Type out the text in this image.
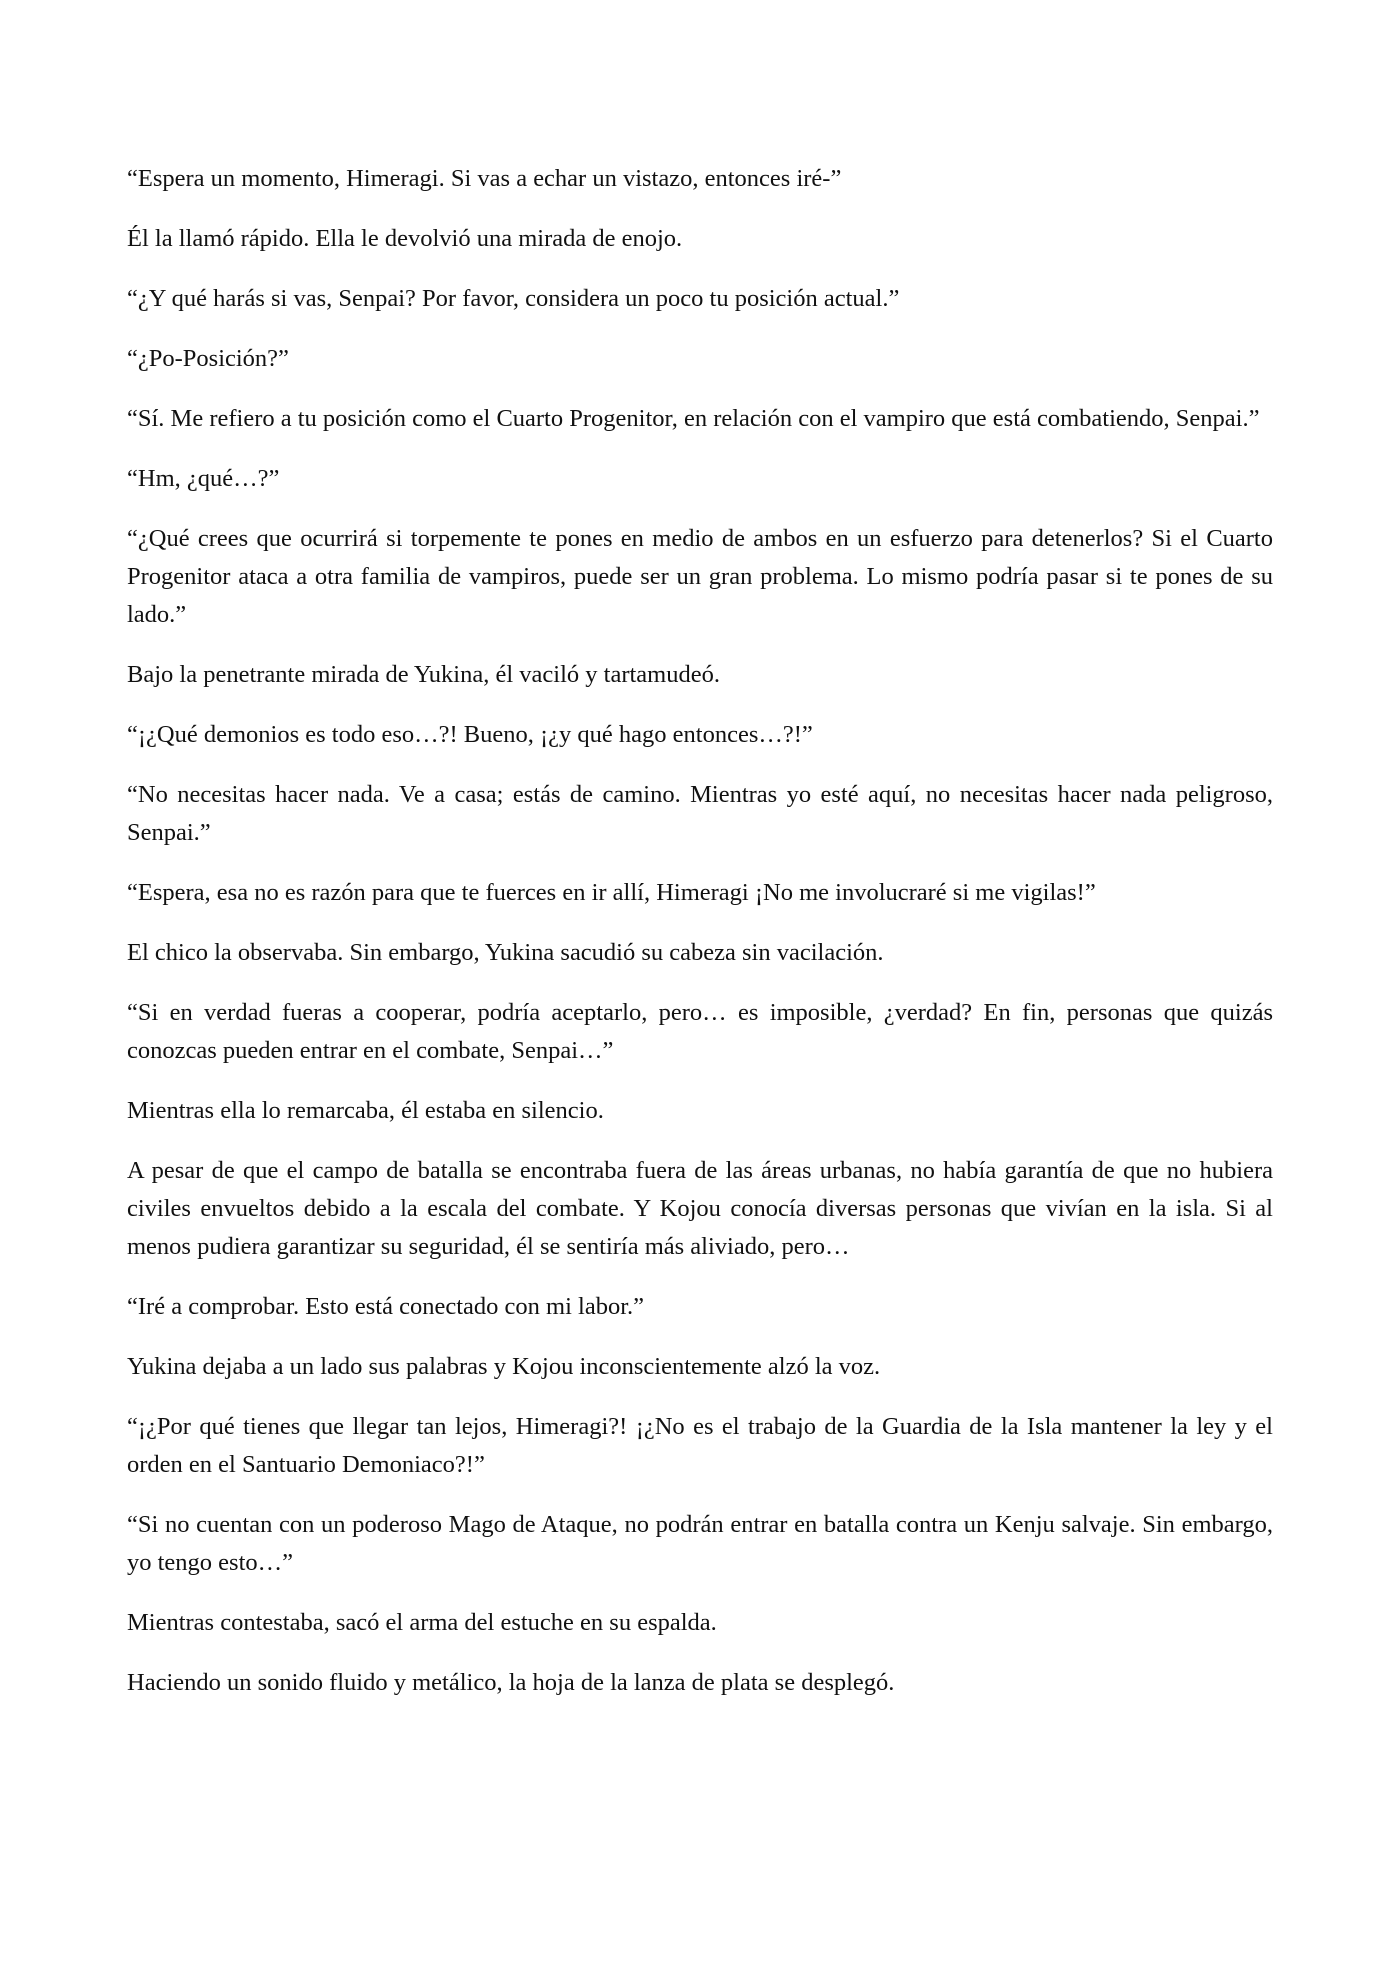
“Espera un momento, Himeragi. Si vas a echar un vistazo, entonces iré-”

Él la llamó rápido. Ella le devolvió una mirada de enojo.

“¿Y qué harás si vas, Senpai? Por favor, considera un poco tu posición actual.”

“¿Po-Posición?”

“Sí. Me refiero a tu posición como el Cuarto Progenitor, en relación con el vampiro que está combatiendo, Senpai.”

“Hm, ¿qué…?”

“¿Qué crees que ocurrirá si torpemente te pones en medio de ambos en un esfuerzo para detenerlos? Si el Cuarto Progenitor ataca a otra familia de vampiros, puede ser un gran problema. Lo mismo podría pasar si te pones de su lado.”

Bajo la penetrante mirada de Yukina, él vaciló y tartamudeó.

“¡¿Qué demonios es todo eso…?! Bueno, ¡¿y qué hago entonces…?!”

“No necesitas hacer nada. Ve a casa; estás de camino. Mientras yo esté aquí, no necesitas hacer nada peligroso, Senpai.”

“Espera, esa no es razón para que te fuerces en ir allí, Himeragi ¡No me involucraré si me vigilas!”

El chico la observaba. Sin embargo, Yukina sacudió su cabeza sin vacilación.

“Si en verdad fueras a cooperar, podría aceptarlo, pero… es imposible, ¿verdad? En fin, personas que quizás conozcas pueden entrar en el combate, Senpai…”

Mientras ella lo remarcaba, él estaba en silencio.

A pesar de que el campo de batalla se encontraba fuera de las áreas urbanas, no había garantía de que no hubiera civiles envueltos debido a la escala del combate. Y Kojou conocía diversas personas que vivían en la isla. Si al menos pudiera garantizar su seguridad, él se sentiría más aliviado, pero…

“Iré a comprobar. Esto está conectado con mi labor.”

Yukina dejaba a un lado sus palabras y Kojou inconscientemente alzó la voz.

“¡¿Por qué tienes que llegar tan lejos, Himeragi?! ¡¿No es el trabajo de la Guardia de la Isla mantener la ley y el orden en el Santuario Demoniaco?!”

“Si no cuentan con un poderoso Mago de Ataque, no podrán entrar en batalla contra un Kenju salvaje. Sin embargo, yo tengo esto…”

Mientras contestaba, sacó el arma del estuche en su espalda.

Haciendo un sonido fluido y metálico, la hoja de la lanza de plata se desplegó.
